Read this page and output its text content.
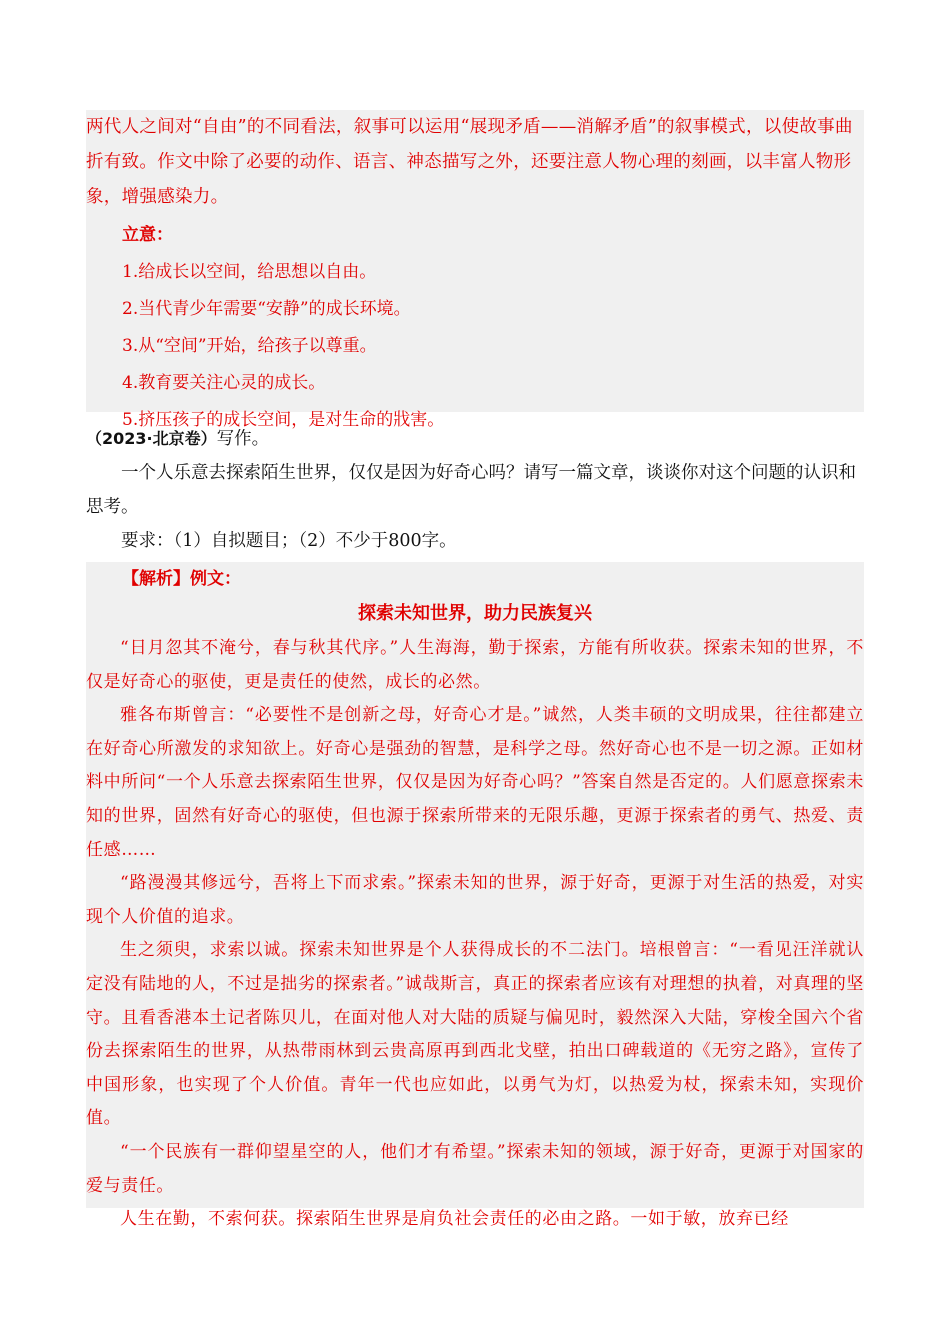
两代人之间对“自由”的不同看法，叙事可以运用“展现矛盾——消解矛盾”的叙事模式，以使故事曲折有致。作文中除了必要的动作、语言、神态描写之外，还要注意人物心理的刻画，以丰富人物形象，增强感染力。

立意：

1.给成长以空间，给思想以自由。

2.当代青少年需要“安静”的成长环境。

3.从“空间”开始，给孩子以尊重。

4.教育要关注心灵的成长。

5.挤压孩子的成长空间，是对生命的戕害。

（2023·北京卷）写作。

一个人乐意去探索陌生世界，仅仅是因为好奇心吗？请写一篇文章，谈谈你对这个问题的认识和思考。

要求：（1）自拟题目；（2）不少于800字。

【解析】例文：

探索未知世界，助力民族复兴

“日月忽其不淹兮，春与秋其代序。”人生海海，勤于探索，方能有所收获。探索未知的世界，不仅是好奇心的驱使，更是责任的使然，成长的必然。

雅各布斯曾言：“必要性不是创新之母，好奇心才是。”诚然，人类丰硕的文明成果，往往都建立在好奇心所激发的求知欲上。好奇心是强劲的智慧，是科学之母。然好奇心也不是一切之源。正如材料中所问“一个人乐意去探索陌生世界，仅仅是因为好奇心吗？”答案自然是否定的。人们愿意探索未知的世界，固然有好奇心的驱使，但也源于探索所带来的无限乐趣，更源于探索者的勇气、热爱、责任感……

“路漫漫其修远兮，吾将上下而求索。”探索未知的世界，源于好奇，更源于对生活的热爱，对实现个人价值的追求。

生之须臾，求索以诚。探索未知世界是个人获得成长的不二法门。培根曾言：“一看见汪洋就认定没有陆地的人，不过是拙劣的探索者。”诚哉斯言，真正的探索者应该有对理想的执着，对真理的坚守。且看香港本土记者陈贝儿，在面对他人对大陆的质疑与偏见时，毅然深入大陆，穿梭全国六个省份去探索陌生的世界，从热带雨林到云贵高原再到西北戈壁，拍出口碑载道的《无穷之路》，宣传了中国形象，也实现了个人价值。青年一代也应如此，以勇气为灯，以热爱为杖，探索未知，实现价值。

“一个民族有一群仰望星空的人，他们才有希望。”探索未知的领域，源于好奇，更源于对国家的爱与责任。

人生在勤，不索何获。探索陌生世界是肩负社会责任的必由之路。一如于敏，放弃已经
